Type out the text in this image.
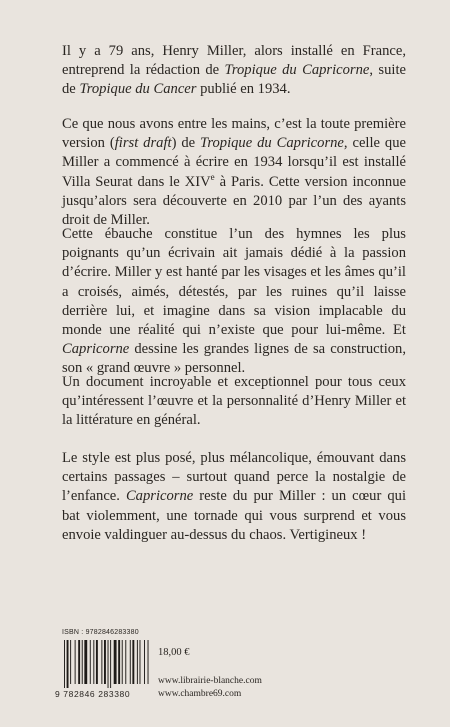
Il y a 79 ans, Henry Miller, alors installé en France, entreprend la rédaction de Tropique du Capricorne, suite de Tropique du Cancer publié en 1934.

Ce que nous avons entre les mains, c’est la toute première version (first draft) de Tropique du Capricorne, celle que Miller a commencé à écrire en 1934 lorsqu’il est installé Villa Seurat dans le XIVe à Paris. Cette version inconnue jusqu’alors sera découverte en 2010 par l’un des ayants droit de Miller.

Cette ébauche constitue l’un des hymnes les plus poignants qu’un écrivain ait jamais dédié à la passion d’écrire. Miller y est hanté par les visages et les âmes qu’il a croisés, aimés, détestés, par les ruines qu’il laisse derrière lui, et imagine dans sa vision implacable du monde une réalité qui n’existe que pour lui-même. Et Capricorne dessine les grandes lignes de sa construction, son « grand œuvre » personnel.

Un document incroyable et exceptionnel pour tous ceux qu’intéressent l’œuvre et la personnalité d’Henry Miller et la littérature en général.

Le style est plus posé, plus mélancolique, émouvant dans certains passages – surtout quand perce la nostalgie de l’enfance. Capricorne reste du pur Miller : un cœur qui bat violemment, une tornade qui vous surprend et vous envoie valdinguer au-dessus du chaos. Vertigineux !

ISBN : 9782846283380
9 782846 283380
18,00 €
www.librairie-blanche.com
www.chambre69.com
